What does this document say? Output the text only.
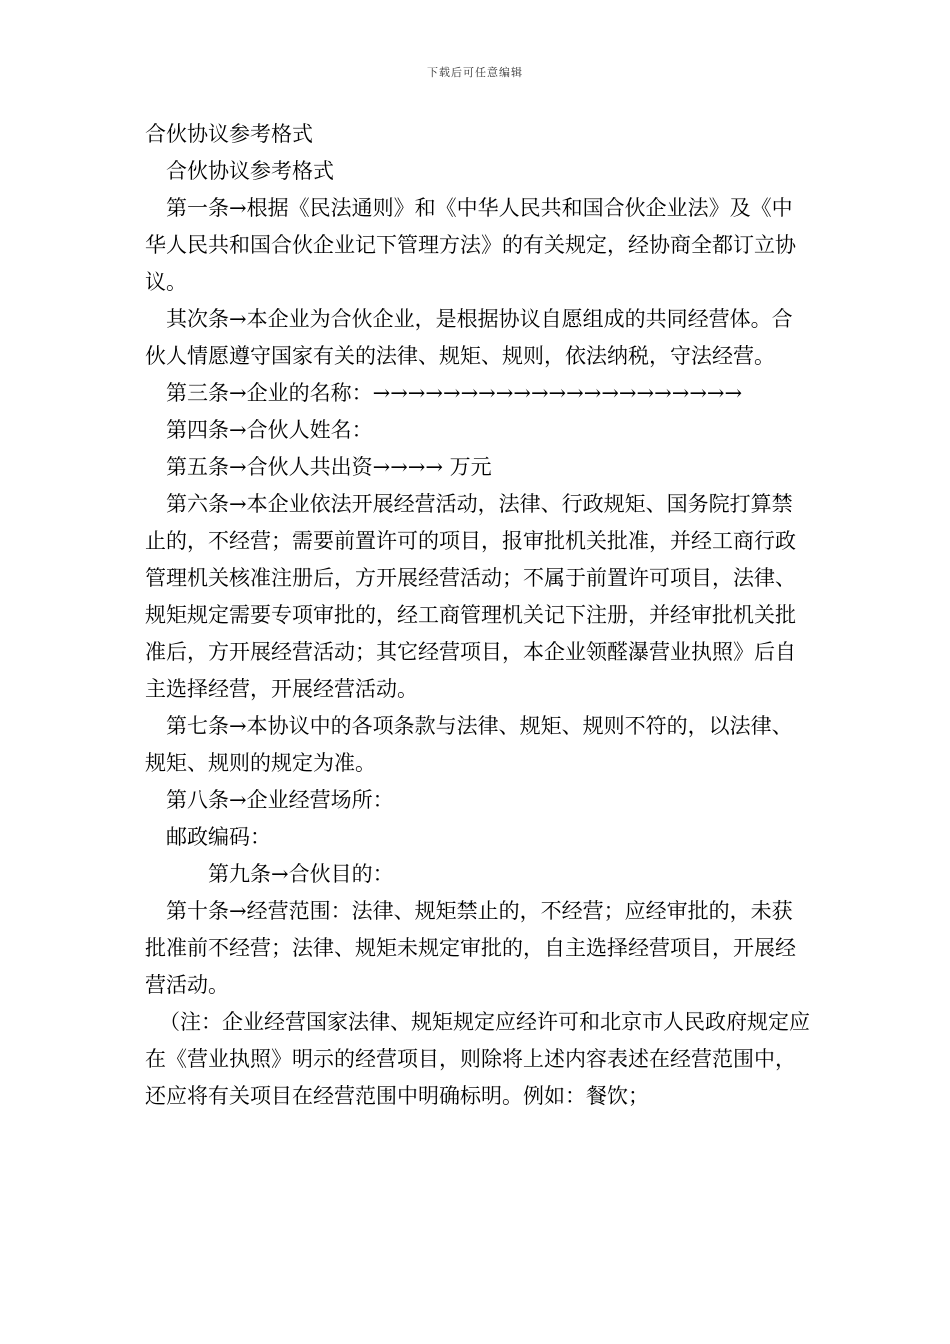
下载后可任意编辑

合伙协议参考格式

合伙协议参考格式

第一条→根据《民法通则》和《中华人民共和国合伙企业法》及《中华人民共和国合伙企业记下管理方法》的有关规定，经协商全都订立协议。

其次条→本企业为合伙企业，是根据协议自愿组成的共同经营体。合伙人情愿遵守国家有关的法律、规矩、规则，依法纳税，守法经营。

第三条→企业的名称：→→→→→→→→→→→→→→→→→→→→→

第四条→合伙人姓名：

第五条→合伙人共出资→→→→ 万元

第六条→本企业依法开展经营活动，法律、行政规矩、国务院打算禁止的，不经营；需要前置许可的项目，报审批机关批准，并经工商行政管理机关核准注册后，方开展经营活动；不属于前置许可项目，法律、规矩规定需要专项审批的，经工商管理机关记下注册，并经审批机关批准后，方开展经营活动；其它经营项目，本企业领醛瀑营业执照》后自主选择经营，开展经营活动。

第七条→本协议中的各项条款与法律、规矩、规则不符的，以法律、规矩、规则的规定为准。

第八条→企业经营场所：

邮政编码：

第九条→合伙目的：

第十条→经营范围：法律、规矩禁止的，不经营；应经审批的，未获批准前不经营；法律、规矩未规定审批的，自主选择经营项目，开展经营活动。

（注：企业经营国家法律、规矩规定应经许可和北京市人民政府规定应在《营业执照》明示的经营项目，则除将上述内容表述在经营范围中，还应将有关项目在经营范围中明确标明。例如：餐饮；
